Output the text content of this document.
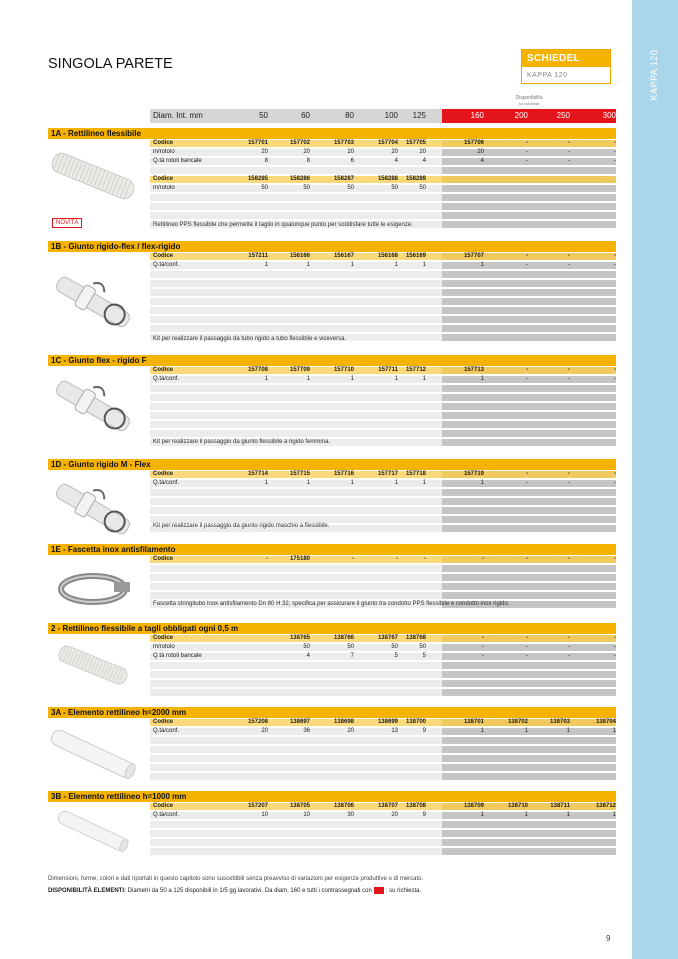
KAPPA 120
SINGOLA PARETE	SCHIEDEL
KAPPA 120
Disponibilità
su richiesta
Diam. Int. mm	50	60	80	100	125	160	200	250	300
1A - Rettilineo flessibile
Codice	157701	157702	157703	157704	157705	157706	-	-	-
m/rotolo	20	20	20	20	20	20	-	-	-
Q.tà rotoli bancale	8	8	6	4	4	4	-	-	-
Codice	158285	158286	158287	158288	158289
m/rotolo	50	50	50	50	50
Rettilineo PPS flessibile che permette il taglio in qualunque punto per soddisfare tutte le esigenze.
NOVITÀ
1B - Giunto rigido-flex / flex-rigido
Codice	157211	156166	156167	156168	156169	157707	-	-	-
Q.tà/conf.	1	1	1	1	1	1	-	-	-
Kit per realizzare il passaggio da tubo rigido a tubo flessibile e viceversa.
1C - Giunto flex - rigido F
Codice	157708	157709	157710	157711	157712	157713	-	-	-
Q.tà/conf.	1	1	1	1	1	1	-	-	-
Kit per realizzare il passaggio da giunto flessibile a rigido femmina.
1D - Giunto rigido M - Flex
Codice	157714	157715	157716	157717	157718	157719	-	-	-
Q.tà/conf.	1	1	1	1	1	1	-	-	-
Kit per realizzare il passaggio da giunto rigido maschio a flessibile.
1E - Fascetta inox antisfilamento
Codice	-	175180	-	-	-	-	-	-	-
Fascetta stringitubo inox antisfilamento Dn 80 H 32, specifica per assicurare il giunto tra condotto PPS flessibile e condotto inox rigido.
2 - Rettilineo flessibile a tagli obbligati ogni 0,5 m
Codice	138765	138766	138767	138768	-	-	-	-
m/rotolo	50	50	50	50	-	-	-	-
Q.tà rotoli bancale	4	7	5	5	-	-	-	-
3A - Elemento rettilineo h=2000 mm
Codice	157208	138697	138698	138699	138700	138701	138702	138703	138704
Q.tà/conf.	20	36	20	13	9	1	1	1	1
3B - Elemento rettilineo h=1000 mm
Codice	157207	138705	138706	138707	138708	138709	138710	138711	138712
Q.tà/conf.	10	10	30	20	9	1	1	1	1
Dimensioni, forme, colori e dati riportati in questo capitolo sono suscettibili senza preavviso di variazioni per esigenze produttive o di mercato.
DISPONIBILITÀ ELEMENTI: Diametri da 50 a 125 disponibili in 1/5 gg lavorativi. Da diam. 160 e tutti i contrassegnati con : su richiesta.
9
